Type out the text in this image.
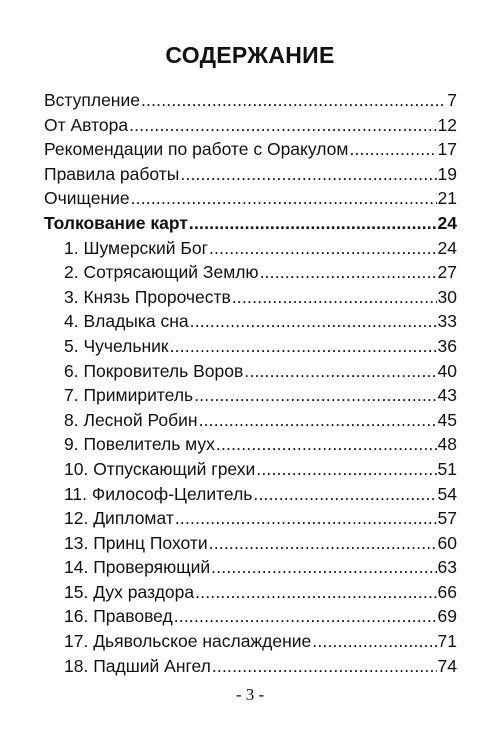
СОДЕРЖАНИЕ
Вступление .....	7
От Автора .....	12
Рекомендации по работе с Оракулом .....	17
Правила работы .....	19
Очищение .....	21
Толкование карт .....	24
1. Шумерский Бог .....	24
2. Сотрясающий Землю .....	27
3. Князь Пророчеств .....	30
4. Владыка сна .....	33
5. Чучельник .....	36
6. Покровитель Воров .....	40
7. Примиритель .....	43
8. Лесной Робин .....	45
9. Повелитель мух .....	48
10. Отпускающий грехи .....	51
11. Философ-Целитель .....	54
12. Дипломат .....	57
13. Принц Похоти .....	60
14. Проверяющий .....	63
15. Дух раздора .....	66
16. Правовед .....	69
17. Дьявольское наслаждение .....	71
18. Падший Ангел .....	74
- 3 -
